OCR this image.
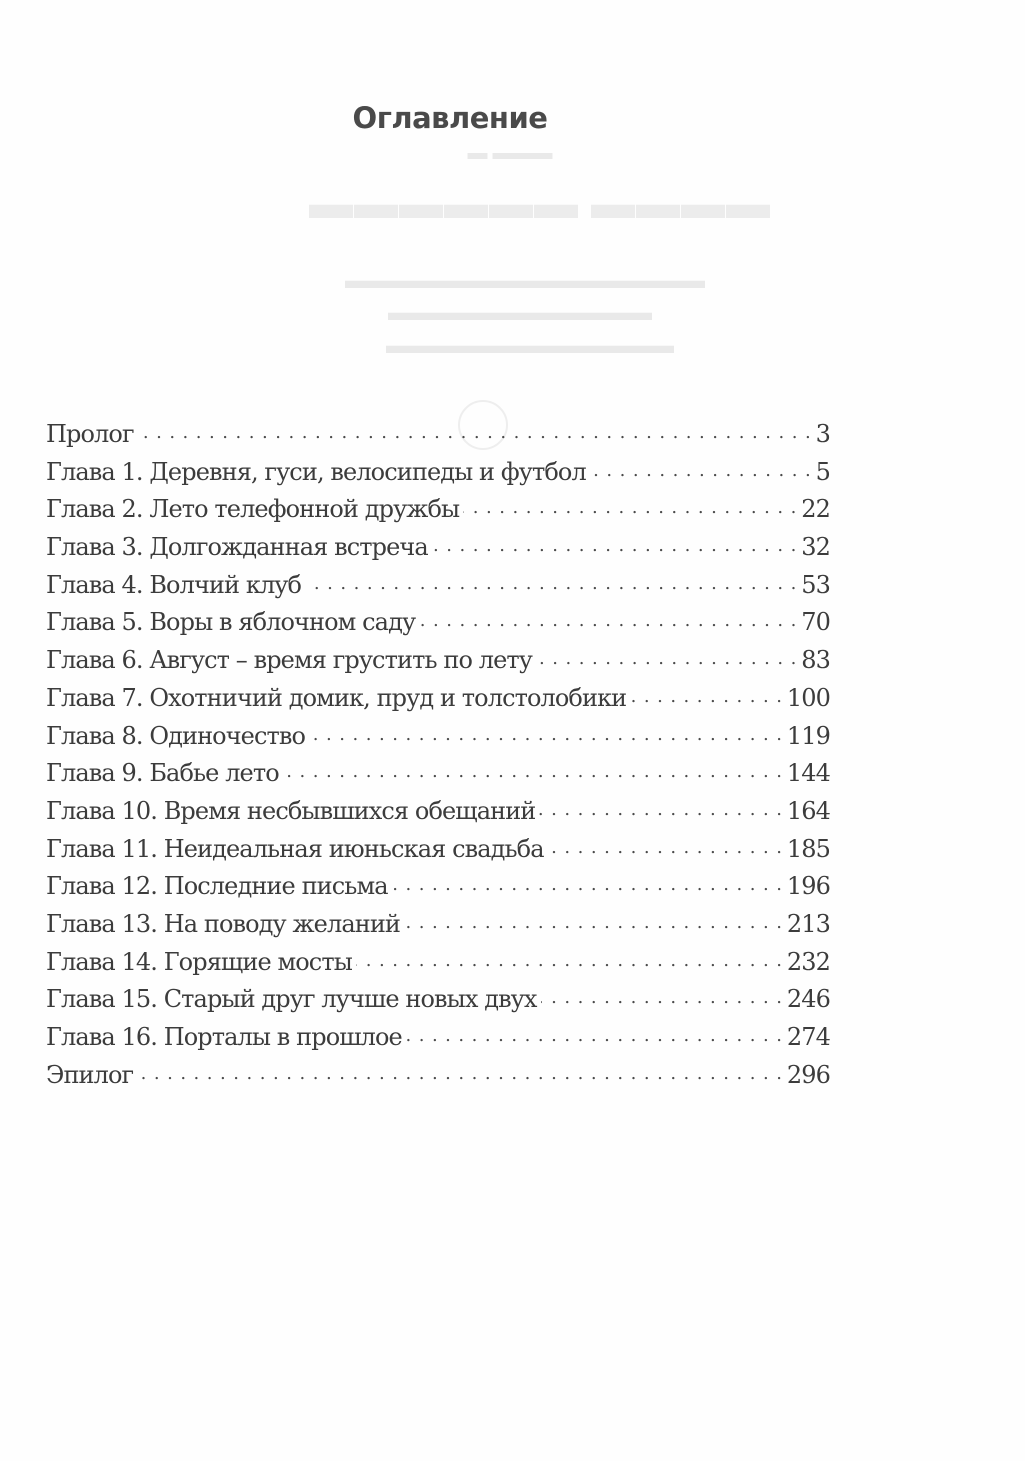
▬▬▬ ▬
▬▬▬▬ ▬▬▬▬▬▬
▬▬▬▬▬▬▬▬▬▬▬▬▬▬▬
▬▬▬▬▬▬▬▬▬▬▬
▬▬▬▬▬▬▬▬▬▬▬▬
Оглавление
Пролог . . .	3
Глава 1. Деревня, гуси, велосипеды и футбол . . .	5
Глава 2. Лето телефонной дружбы . . .	22
Глава 3. Долгожданная встреча . . .	32
Глава 4. Волчий клуб . . .	53
Глава 5. Воры в яблочном саду . . .	70
Глава 6. Август – время грустить по лету . . .	83
Глава 7. Охотничий домик, пруд и толстолобики . . .	100
Глава 8. Одиночество . . .	119
Глава 9. Бабье лето . . .	144
Глава 10. Время несбывшихся обещаний . . .	164
Глава 11. Неидеальная июньская свадьба . . .	185
Глава 12. Последние письма . . .	196
Глава 13. На поводу желаний . . .	213
Глава 14. Горящие мосты . . .	232
Глава 15. Старый друг лучше новых двух . . .	246
Глава 16. Порталы в прошлое . . .	274
Эпилог . . .	296
